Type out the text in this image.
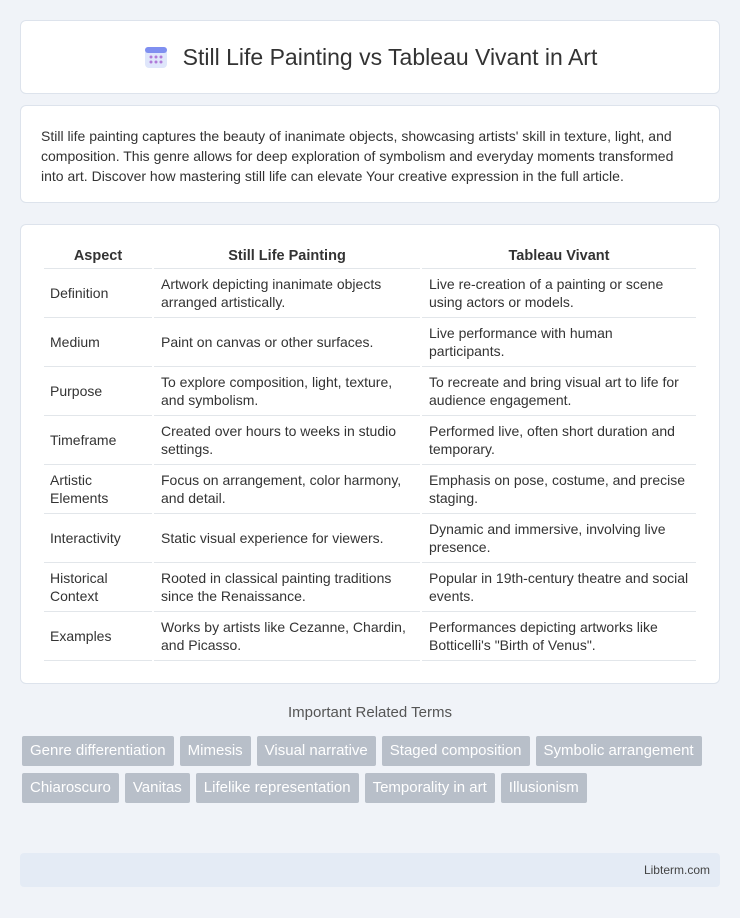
Still Life Painting vs Tableau Vivant in Art

Still life painting captures the beauty of inanimate objects, showcasing artists' skill in texture, light, and composition. This genre allows for deep exploration of symbolism and everyday moments transformed into art. Discover how mastering still life can elevate Your creative expression in the full article.

Aspect	Still Life Painting	Tableau Vivant
Definition	Artwork depicting inanimate objects arranged artistically.	Live re-creation of a painting or scene using actors or models.
Medium	Paint on canvas or other surfaces.	Live performance with human participants.
Purpose	To explore composition, light, texture, and symbolism.	To recreate and bring visual art to life for audience engagement.
Timeframe	Created over hours to weeks in studio settings.	Performed live, often short duration and temporary.
Artistic Elements	Focus on arrangement, color harmony, and detail.	Emphasis on pose, costume, and precise staging.
Interactivity	Static visual experience for viewers.	Dynamic and immersive, involving live presence.
Historical Context	Rooted in classical painting traditions since the Renaissance.	Popular in 19th-century theatre and social events.
Examples	Works by artists like Cezanne, Chardin, and Picasso.	Performances depicting artworks like Botticelli's "Birth of Venus".
Important Related Terms
Genre differentiation	Mimesis	Visual narrative	Staged composition	Symbolic arrangement
Chiaroscuro	Vanitas	Lifelike representation	Temporality in art	Illusionism
Libterm.com
